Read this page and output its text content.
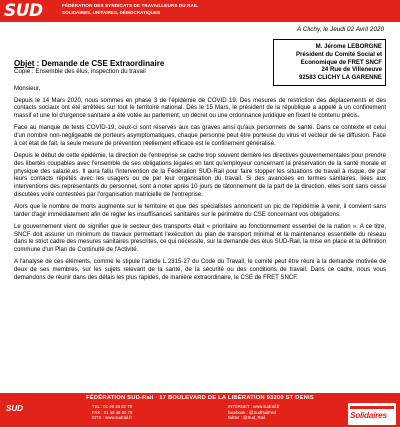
SUD	FÉDÉRATION DES SYNDICATS DE TRAVAILLEURS DU RAIL
SOLIDAIRES, UNITAIRES, DÉMOCRATIQUES
A Clichy, le Jeudi 02 Avril 2020
M. Jérome LEBORGNE
Président du Comité Social et
Economique de FRET SNCF
24 Rue de Villeneuve
92583 CLICHY LA GARENNE
Objet : Demande de CSE Extraordinaire
Copie : Ensemble des élus, inspection du travail

Monsieur,

Depuis le 14 Mars 2020, nous sommes en phase 3 de l'épidémie de COVID 19. Des mesures de restriction des déplacements et des contacts sociaux ont été arrêtées sur tout le territoire national. Dès le 15 Mars, le président de la république a appelé à un confinement massif et une loi d'urgence sanitaire a été votée au parlement, un décret ou une ordonnance juridique en fixant le contenu précis.

Face au manque de tests COVID-19, ceux-ci sont réservés aux cas graves ainsi qu'aux personnels de santé. Dans ce contexte et celui d'un nombre non-négligeable de porteurs asymptomatiques, chaque personne peut être porteuse du virus et vecteur de se diffusion. Face à cet état de fait, la seule mesure de prévention réellement efficace est le confinement généralisé.

Depuis le début de cette épidémie, la direction de l'entreprise se cache trop souvent derrière les directives gouvernementales pour prendre des libertés coupables avec l'ensemble de ses obligations légales en tant qu'employeur concernant la préservation de la santé morale et physique des salarié.es. Il aura fallu l'intervention de la Fédération SUD-Rail pour faire stopper les situations de travail à risque, de par leurs contacts répétés avec les usagers ou de par leur organisation du travail. Si des avancées en termes sanitaires, liées aux interventions des représentants du personnel, sont à noter après 10 jours de tâtonnement de la part de la direction, elles sont sans cesse discutées voire contestées par l'organisation matricielle de l'entreprise.

Alors que le nombre de morts augmente sur le territoire et que des spécialistes annoncent un pic de l'épidémie à venir, il convient sans tarder d'agir immédiatement afin de régler les insuffisances sanitaires sur le périmètre du CSE concernant vos obligations.

Le gouvernement vient de signifier que le secteur des transports était « prioritaire au fonctionnement essentiel de la nation ». A ce titre, SNCF doit assurer un minimum de travaux permettant l'exécution du plan de transport minimal et la maintenance essentielle du réseau dans le strict cadre des mesures sanitaires prescrites, ce qui nécessite, sur la demande des élus SUD-Rail, la mise en place et la définition commune d'un Plan de Continuité de l'Activité.

A l'analyse de ces éléments, comme le stipule l'article L.2315-27 du Code du Travail, le comité peut être réuni à la demande motivée de deux de ses membres, sur les sujets relevant de la santé, de la sécurité ou des conditions de travail. Dans ce cadre, nous vous demandons de réunir dans des délais les plus rapides, de manière extraordinaire, le CSE de FRET SNCF.

FÉDÉRATION SUD-Rail · 17 BOULEVARD DE LA LIBÉRATION 93200 ST DENIS
SUD	TEL : 01 49 48 82 78
FAX : 01 49 48 80 70
SITE : www.sudrail.fr
INTERNET : www.sudrail.fr
facebook : @SudRailFed
twitter : @Sud_Rail	Solidaires
